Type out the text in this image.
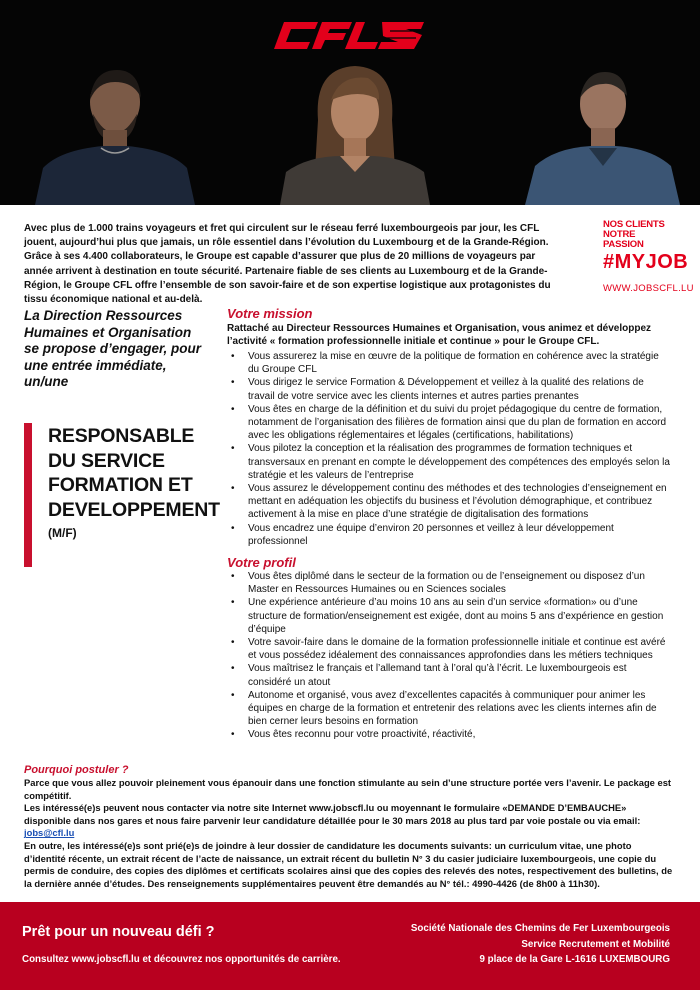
Avec plus de 1.000 trains voyageurs et fret qui circulent sur le réseau ferré luxembourgeois par jour, les CFL jouent, aujourd’hui plus que jamais, un rôle essentiel dans l’évolution du Luxembourg et de la Grande-Région. Grâce à ses 4.400 collaborateurs, le Groupe est capable d’assurer que plus de 20 millions de voyageurs par année arrivent à destination en toute sécurité. Partenaire fiable de ses clients au Luxembourg et de la Grande-Région, le Groupe CFL offre l’ensemble de son savoir-faire et de son expertise logistique aux protagonistes du tissu économique national et au-delà.

NOS CLIENTS
NOTRE PASSION
#MYJOB
WWW.JOBSCFL.LU

La Direction Ressources Humaines et Organisation se propose d’engager, pour une entrée immédiate, un/une

RESPONSABLE DU SERVICE FORMATION ET DEVELOPPEMENT
(M/F)
Votre mission

Rattaché au Directeur Ressources Humaines et Organisation, vous animez et développez l’activité « formation professionnelle initiale et continue » pour le Groupe CFL.

• Vous assurerez la mise en œuvre de la politique de formation en cohérence avec la stratégie du Groupe CFL
• Vous dirigez le service Formation & Développement et veillez à la qualité des relations de travail de votre service avec les clients internes et autres parties prenantes
• Vous êtes en charge de la définition et du suivi du projet pédagogique du centre de formation, notamment de l’organisation des filières de formation ainsi que du plan de formation en accord avec les obligations réglementaires et légales (certifications, habilitations)
• Vous pilotez la conception et la réalisation des programmes de formation techniques et transversaux en prenant en compte le développement des compétences des employés selon la stratégie et les valeurs de l’entreprise
• Vous assurez le développement continu des méthodes et des technologies d’enseignement en mettant en adéquation les objectifs du business et l’évolution démographique, et contribuez activement à la mise en place d’une stratégie de digitalisation des formations
• Vous encadrez une équipe d’environ 20 personnes et veillez à leur développement professionnel
Votre profil
• Vous êtes diplômé dans le secteur de la formation ou de l’enseignement ou disposez d’un Master en Ressources Humaines ou en Sciences sociales
• Une expérience antérieure d’au moins 10 ans au sein d’un service «formation» ou d’une structure de formation/enseignement est exigée, dont au moins 5 ans d’expérience en gestion d’équipe
• Votre savoir-faire dans le domaine de la formation professionnelle initiale et continue est avéré et vous possédez idéalement des connaissances approfondies dans les métiers techniques
• Vous maîtrisez le français et l’allemand tant à l’oral qu’à l’écrit. Le luxembourgeois est considéré un atout
• Autonome et organisé, vous avez d’excellentes capacités à communiquer pour animer les équipes en charge de la formation et entretenir des relations avec les clients internes afin de bien cerner leurs besoins en formation
• Vous êtes reconnu pour votre proactivité, réactivité,
Pourquoi postuler ?

Parce que vous allez pouvoir pleinement vous épanouir dans une fonction stimulante au sein d’une structure portée vers l’avenir. Le package est compétitif.

Les intéressé(e)s peuvent nous contacter via notre site Internet www.jobscfl.lu ou moyennant le formulaire «DEMANDE D’EMBAUCHE» disponible dans nos gares et nous faire parvenir leur candidature détaillée pour le 30 mars 2018 au plus tard par voie postale ou via email: jobs@cfl.lu

En outre, les intéressé(e)s sont prié(e)s de joindre à leur dossier de candidature les documents suivants: un curriculum vitae, une photo d’identité récente, un extrait récent de l’acte de naissance, un extrait récent du bulletin N° 3 du casier judiciaire luxembourgeois, une copie du permis de conduire, des copies des diplômes et certificats scolaires ainsi que des copies des relevés des notes, respectivement des bulletins, de la dernière année d’études. Des renseignements supplémentaires peuvent être demandés au N° tél.: 4990-4426 (de 8h00 à 11h30).

Prêt pour un nouveau défi ?
Consultez www.jobscfl.lu et découvrez nos opportunités de carrière.
Société Nationale des Chemins de Fer Luxembourgeois
Service Recrutement et Mobilité
9 place de la Gare L-1616 LUXEMBOURG
